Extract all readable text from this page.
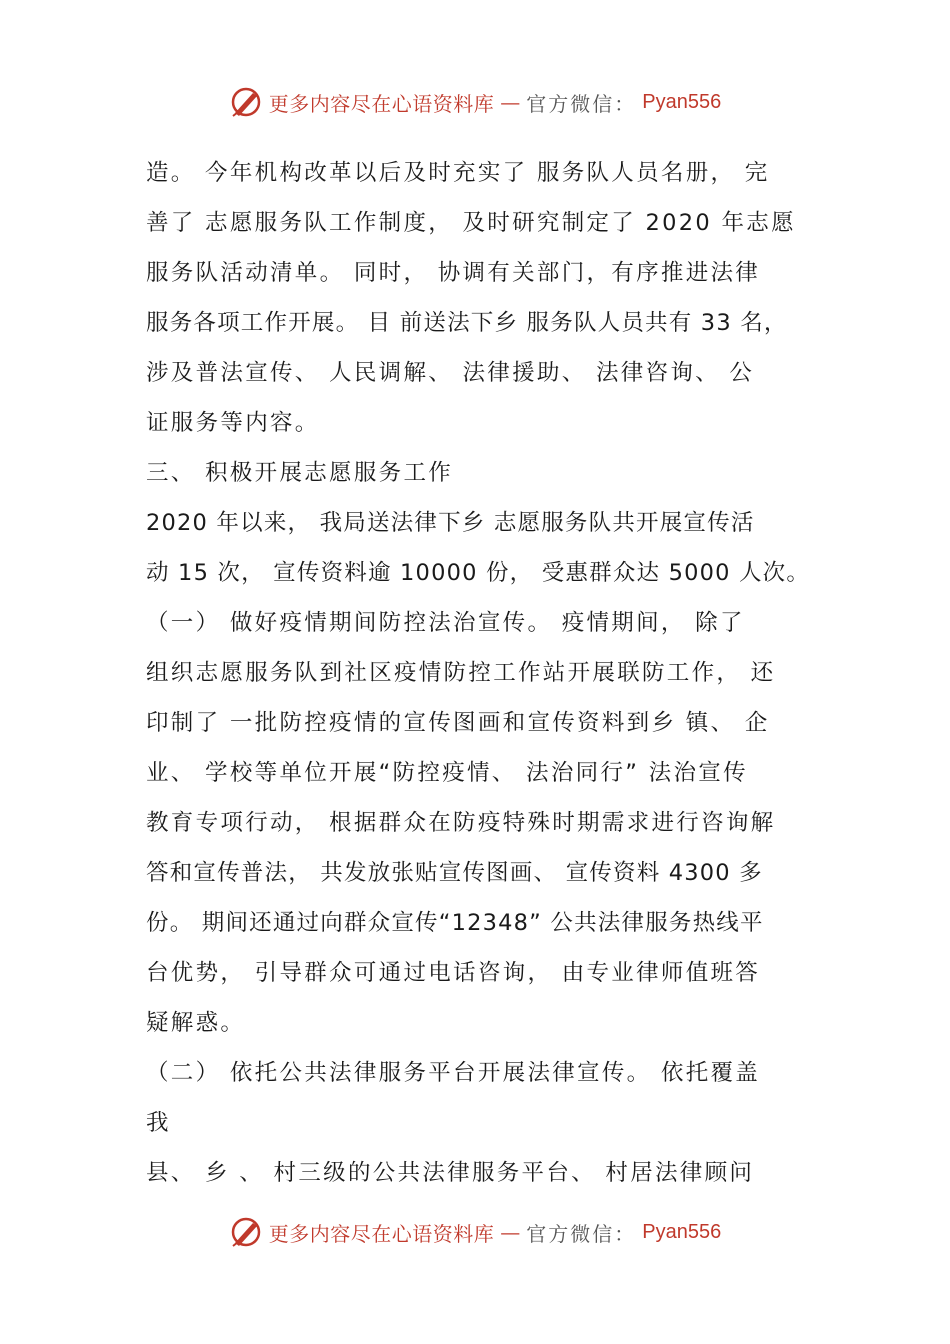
更多内容尽在心语资料库 — 官方微信： Pyan556
造。 今年机构改革以后及时充实了 服务队人员名册， 完
善了 志愿服务队工作制度， 及时研究制定了 2020 年志愿
服务队活动清单。 同时， 协调有关部门，有序推进法律
服务各项工作开展。 目 前送法下乡 服务队人员共有 33 名，
涉及普法宣传、 人民调解、 法律援助、 法律咨询、 公
证服务等内容。
三、 积极开展志愿服务工作
2020 年以来， 我局送法律下乡 志愿服务队共开展宣传活
动 15 次， 宣传资料逾 10000 份， 受惠群众达 5000 人次。
（一） 做好疫情期间防控法治宣传。 疫情期间， 除了
组织志愿服务队到社区疫情防控工作站开展联防工作， 还
印制了 一批防控疫情的宣传图画和宣传资料到乡 镇、 企
业、 学校等单位开展“防控疫情、 法治同行” 法治宣传
教育专项行动， 根据群众在防疫特殊时期需求进行咨询解
答和宣传普法， 共发放张贴宣传图画、 宣传资料 4300 多
份。 期间还通过向群众宣传“12348” 公共法律服务热线平
台优势， 引导群众可通过电话咨询， 由专业律师值班答
疑解惑。
（二） 依托公共法律服务平台开展法律宣传。 依托覆盖
我
县、 乡 、 村三级的公共法律服务平台、 村居法律顾问
更多内容尽在心语资料库 — 官方微信： Pyan556
